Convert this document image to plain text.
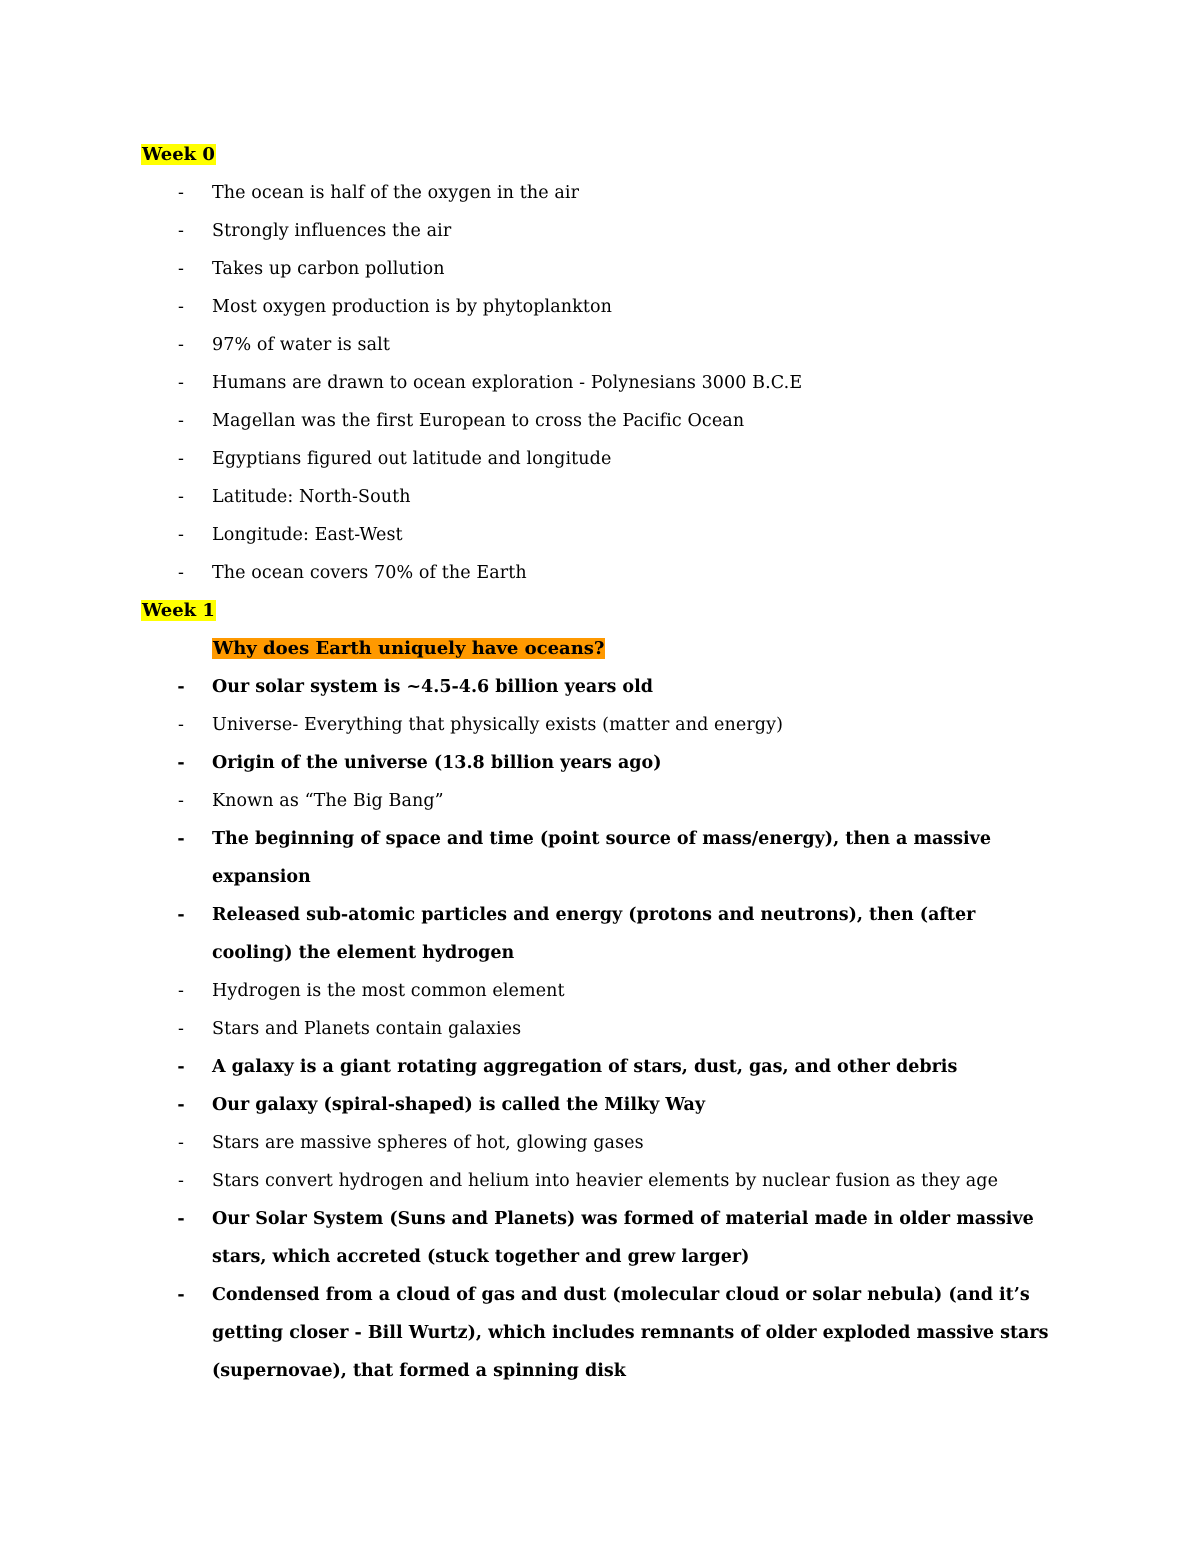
Week 0
- The ocean is half of the oxygen in the air
- Strongly influences the air
- Takes up carbon pollution
- Most oxygen production is by phytoplankton
- 97% of water is salt
- Humans are drawn to ocean exploration - Polynesians 3000 B.C.E
- Magellan was the first European to cross the Pacific Ocean
- Egyptians figured out latitude and longitude
- Latitude: North-South
- Longitude: East-West
- The ocean covers 70% of the Earth
Week 1
Why does Earth uniquely have oceans?
- Our solar system is ~4.5-4.6 billion years old
- Universe- Everything that physically exists (matter and energy)
- Origin of the universe (13.8 billion years ago)
- Known as “The Big Bang”
- The beginning of space and time (point source of mass/energy), then a massive expansion
- Released sub-atomic particles and energy (protons and neutrons), then (after cooling) the element hydrogen
- Hydrogen is the most common element
- Stars and Planets contain galaxies
- A galaxy is a giant rotating aggregation of stars, dust, gas, and other debris
- Our galaxy (spiral-shaped) is called the Milky Way
- Stars are massive spheres of hot, glowing gases
- Stars convert hydrogen and helium into heavier elements by nuclear fusion as they age
- Our Solar System (Suns and Planets) was formed of material made in older massive stars, which accreted (stuck together and grew larger)
- Condensed from a cloud of gas and dust (molecular cloud or solar nebula) (and it’s getting closer - Bill Wurtz), which includes remnants of older exploded massive stars (supernovae), that formed a spinning disk
